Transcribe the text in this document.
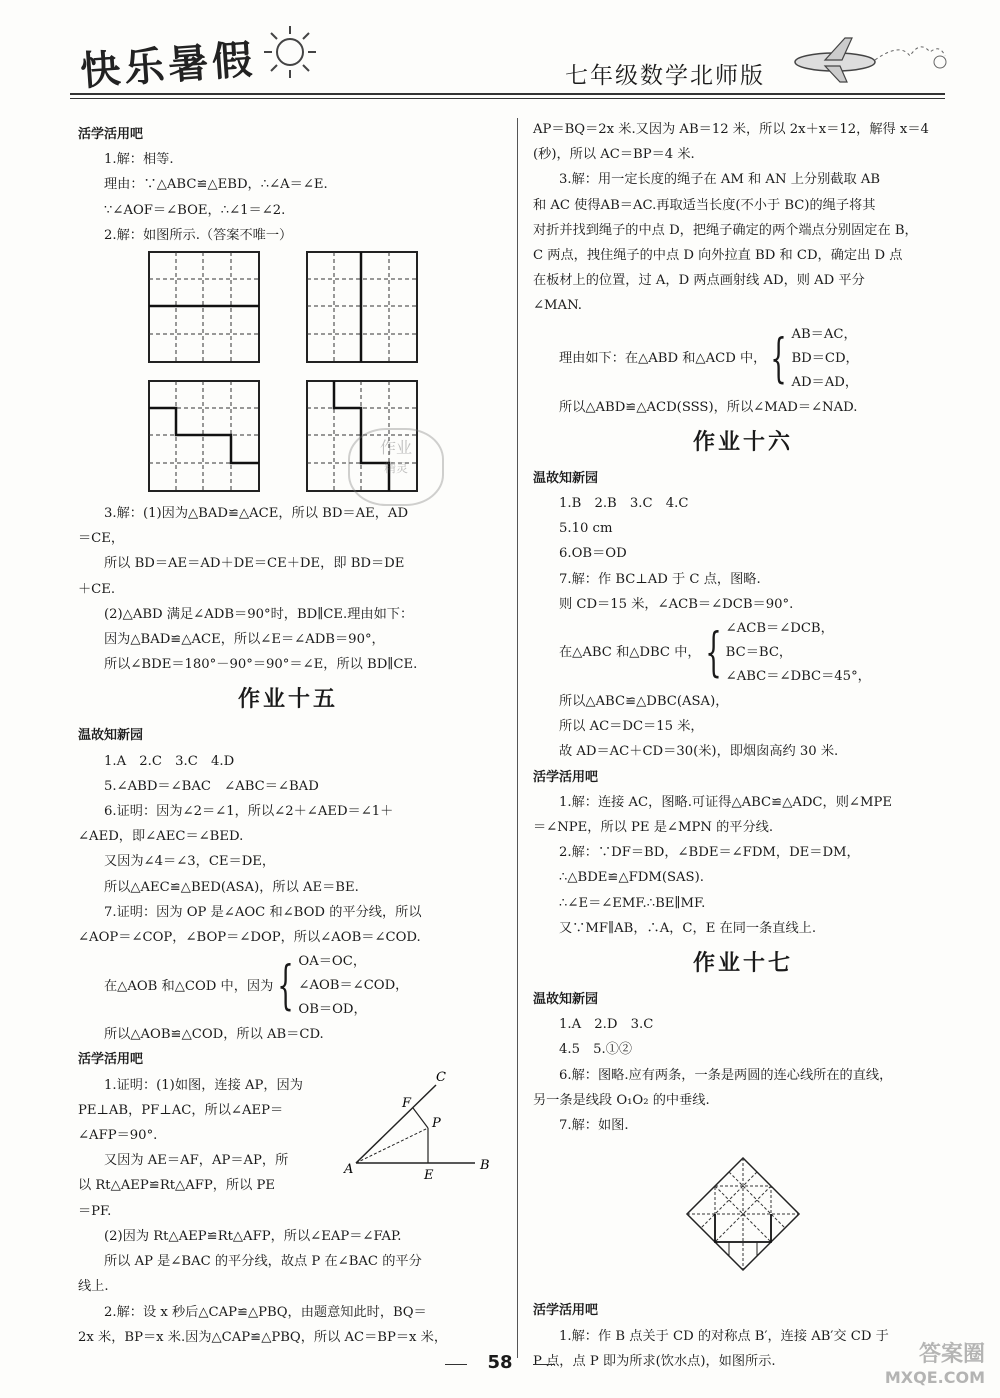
快乐暑假	七年级数学北师版

活学活用吧

1.解：相等.

理由：∵△ABC≌△EBD，∴∠A＝∠E.

∵∠AOF＝∠BOE，∴∠1＝∠2.

2.解：如图所示.（答案不唯一）

作业
精灵

3.解：(1)因为△BAD≌△ACE，所以 BD＝AE，AD

＝CE，

所以 BD＝AE＝AD＋DE＝CE＋DE，即 BD＝DE

＋CE.

(2)△ABD 满足∠ADB＝90°时，BD∥CE.理由如下：

因为△BAD≌△ACE，所以∠E＝∠ADB＝90°，

所以∠BDE＝180°－90°＝90°＝∠E，所以 BD∥CE.

作业十五

温故知新园

1.A　2.C　3.C　4.D

5.∠ABD＝∠BAC　∠ABC＝∠BAD

6.证明：因为∠2＝∠1，所以∠2＋∠AED＝∠1＋

∠AED，即∠AEC＝∠BED.

又因为∠4＝∠3，CE＝DE，

所以△AEC≌△BED(ASA)，所以 AE＝BE.

7.证明：因为 OP 是∠AOC 和∠BOD 的平分线，所以

∠AOP＝∠COP，∠BOP＝∠DOP，所以∠AOB＝∠COD.

在△AOB 和△COD 中，因为 { OA＝OC，

∠AOB＝∠COD，

OB＝OD，

所以△AOB≌△COD，所以 AB＝CD.

活学活用吧

1.证明：(1)如图，连接 AP，因为

PE⊥AB，PF⊥AC，所以∠AEP＝

∠AFP＝90°.

又因为 AE＝AF，AP＝AP，所

以 Rt△AEP≌Rt△AFP，所以 PE

＝PF.

A	B
C
E
F
P

(2)因为 Rt△AEP≌Rt△AFP，所以∠EAP＝∠FAP.

所以 AP 是∠BAC 的平分线，故点 P 在∠BAC 的平分

线上.

2.解：设 x 秒后△CAP≌△PBQ，由题意知此时，BQ＝

2x 米，BP＝x 米.因为△CAP≌△PBQ，所以 AC＝BP＝x 米，

AP＝BQ＝2x 米.又因为 AB＝12 米，所以 2x＋x＝12，解得 x＝4

(秒)，所以 AC＝BP＝4 米.

3.解：用一定长度的绳子在 AM 和 AN 上分别截取 AB

和 AC 使得AB＝AC.再取适当长度(不小于 BC)的绳子将其

对折并找到绳子的中点 D，把绳子确定的两个端点分别固定在 B，

C 两点，拽住绳子的中点 D 向外拉直 BD 和 CD，确定出 D 点

在板材上的位置，过 A，D 两点画射线 AD，则 AD 平分

∠MAN.

理由如下：在△ABD 和△ACD 中， { AB＝AC，

BD＝CD，

AD＝AD，

所以△ABD≌△ACD(SSS)，所以∠MAD＝∠NAD.

作业十六

温故知新园

1.B　2.B　3.C　4.C

5.10 cm

6.OB＝OD

7.解：作 BC⊥AD 于 C 点，图略.

则 CD＝15 米，∠ACB＝∠DCB＝90°.

在△ABC 和△DBC 中， { ∠ACB＝∠DCB，

BC＝BC，

∠ABC＝∠DBC＝45°，

所以△ABC≌△DBC(ASA)，

所以 AC＝DC＝15 米，

故 AD＝AC＋CD＝30(米)，即烟囱高约 30 米.

活学活用吧

1.解：连接 AC，图略.可证得△ABC≌△ADC，则∠MPE

＝∠NPE，所以 PE 是∠MPN 的平分线.

2.解：∵DF＝BD，∠BDE＝∠FDM，DE＝DM，

∴△BDE≌△FDM(SAS).

∴∠E＝∠EMF.∴BE∥MF.

又∵MF∥AB，∴A，C，E 在同一条直线上.

作业十七

温故知新园

1.A　2.D　3.C

4.5　5.①②

6.解：图略.应有两条，一条是两圆的连心线所在的直线，

另一条是线段 O₁O₂ 的中垂线.

7.解：如图.

活学活用吧

1.解：作 B 点关于 CD 的对称点 B′，连接 AB′交 CD 于

P 点，点 P 即为所求(饮水点)，如图所示.

58	答案圈
MXQE.COM
